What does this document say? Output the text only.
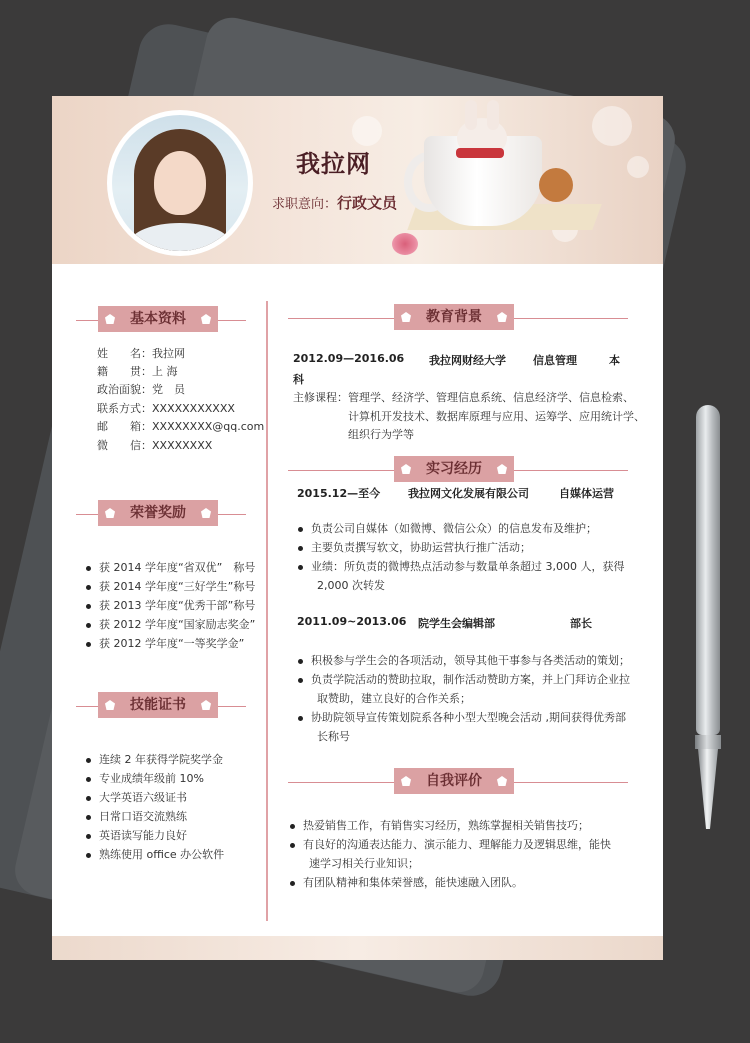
我拉网
求职意向：行政文员
基本资料
姓　　名：我拉网
籍　　贯：上 海
政治面貌：党　员
联系方式：XXXXXXXXXXX
邮　　箱：XXXXXXXX@qq.com
微　　信：XXXXXXXX
荣誉奖励
获 2014 学年度“省双优”　称号
获 2014 学年度“三好学生”称号
获 2013 学年度“优秀干部”称号
获 2012 学年度“国家励志奖金”
获 2012 学年度“一等奖学金”
技能证书
连续 2 年获得学院奖学金
专业成绩年级前 10%
大学英语六级证书
日常口语交流熟练
英语读写能力良好
熟练使用 office 办公软件
教育背景
2012.09—2016.06 我拉网财经大学 信息管理	本
科
主修课程： 管理学、经济学、管理信息系统、信息经济学、信息检索、
计算机开发技术、数据库原理与应用、运筹学、应用统计学、
组织行为学等
实习经历
2015.12—至今	我拉网文化发展有限公司	自媒体运营
负责公司自媒体（如微博、微信公众）的信息发布及维护；
主要负责撰写软文，协助运营执行推广活动；
业绩：所负责的微博热点活动参与数量单条超过 3,000 人，获得
2,000 次转发
2011.09~2013.06 院学生会编辑部	部长
积极参与学生会的各项活动，领导其他干事参与各类活动的策划；
负责学院活动的赞助拉取，制作活动赞助方案，并上门拜访企业拉
取赞助，建立良好的合作关系；
协助院领导宣传策划院系各种小型大型晚会活动 ,期间获得优秀部
长称号
自我评价
热爱销售工作，有销售实习经历，熟练掌握相关销售技巧；
有良好的沟通表达能力、演示能力、理解能力及逻辑思维，能快
速学习相关行业知识；
有团队精神和集体荣誉感，能快速融入团队。
